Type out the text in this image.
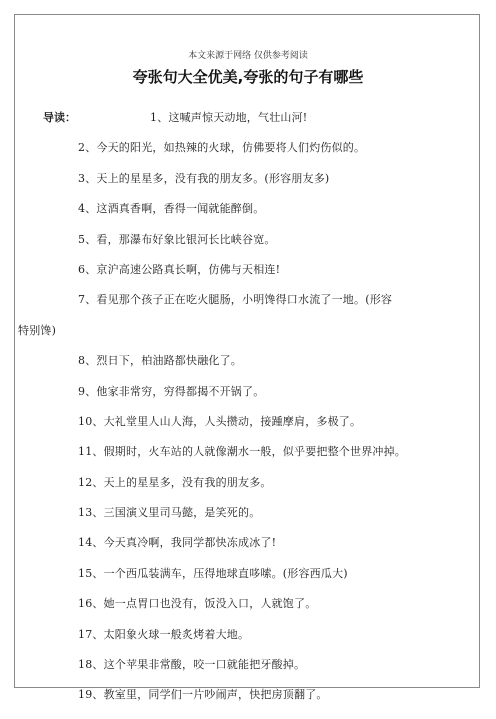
本文来源于网络 仅供参考阅读
夸张句大全优美,夸张的句子有哪些
导读：	1、这喊声惊天动地，气壮山河!
2、今天的阳光，如热辣的火球，仿佛要将人们灼伤似的。
3、天上的星星多，没有我的朋友多。(形容朋友多)
4、这酒真香啊，香得一闻就能醉倒。
5、看，那瀑布好象比银河长比峡谷宽。
6、京沪高速公路真长啊，仿佛与天相连!
7、看见那个孩子正在吃火腿肠，小明馋得口水流了一地。(形容
特别馋)
8、烈日下，柏油路都快融化了。
9、他家非常穷，穷得都揭不开锅了。
10、大礼堂里人山人海，人头攒动，接踵摩肩，多极了。
11、假期时，火车站的人就像潮水一般，似乎要把整个世界冲掉。
12、天上的星星多，没有我的朋友多。
13、三国演义里司马懿，是笑死的。
14、今天真冷啊，我同学都快冻成冰了!
15、一个西瓜装满车，压得地球直哆嗦。(形容西瓜大)
16、她一点胃口也没有，饭没入口，人就饱了。
17、太阳象火球一般炙烤着大地。
18、这个苹果非常酸，咬一口就能把牙酸掉。
19、教室里，同学们一片吵闹声，快把房顶翻了。
